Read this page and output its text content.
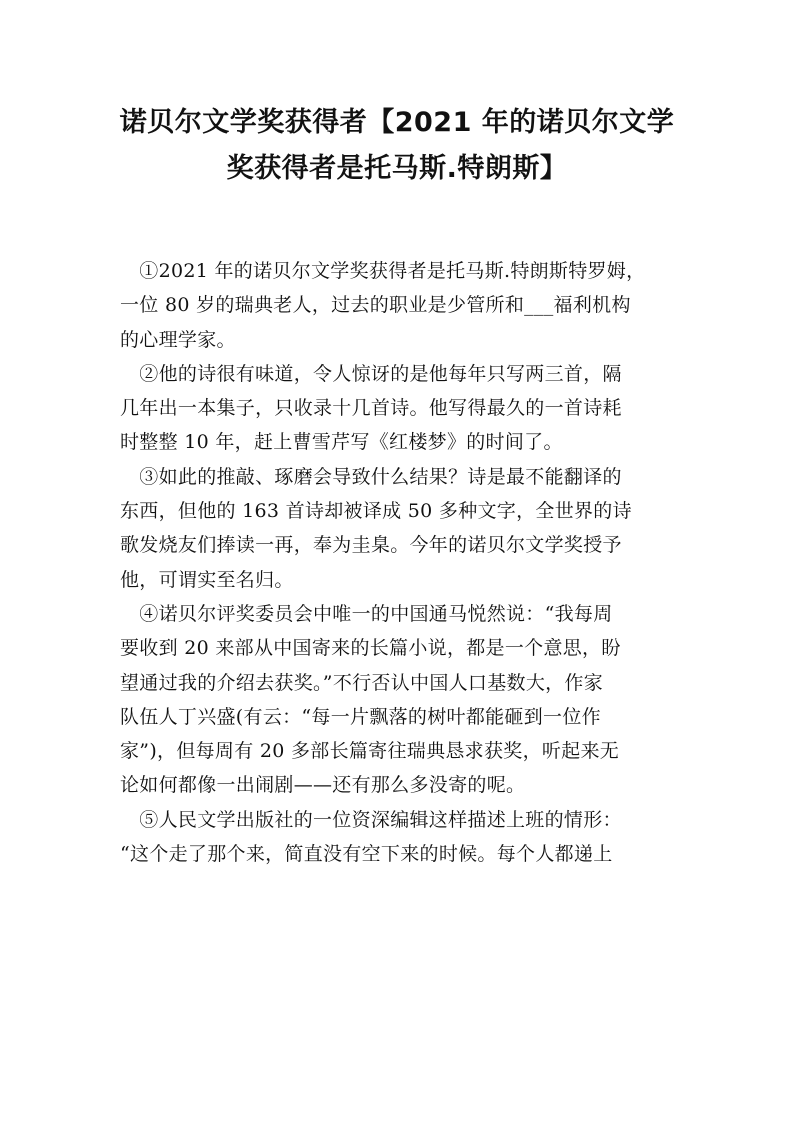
诺贝尔文学奖获得者【2021 年的诺贝尔文学
奖获得者是托马斯.特朗斯】
　①2021 年的诺贝尔文学奖获得者是托马斯.特朗斯特罗姆，
一位 80 岁的瑞典老人，过去的职业是少管所和___福利机构
的心理学家。
　②他的诗很有味道，令人惊讶的是他每年只写两三首，隔
几年出一本集子，只收录十几首诗。他写得最久的一首诗耗
时整整 10 年，赶上曹雪芹写《红楼梦》的时间了。
　③如此的推敲、琢磨会导致什么结果？诗是最不能翻译的
东西，但他的 163 首诗却被译成 50 多种文字，全世界的诗
歌发烧友们捧读一再，奉为圭臬。今年的诺贝尔文学奖授予
他，可谓实至名归。
　④诺贝尔评奖委员会中唯一的中国通马悦然说：“我每周
要收到 20 来部从中国寄来的长篇小说，都是一个意思，盼
望通过我的介绍去获奖。”不行否认中国人口基数大，作家
队伍人丁兴盛(有云：“每一片飘落的树叶都能砸到一位作
家”)，但每周有 20 多部长篇寄往瑞典恳求获奖，听起来无
论如何都像一出闹剧——还有那么多没寄的呢。
　⑤人民文学出版社的一位资深编辑这样描述上班的情形：
“这个走了那个来，简直没有空下来的时候。每个人都递上
